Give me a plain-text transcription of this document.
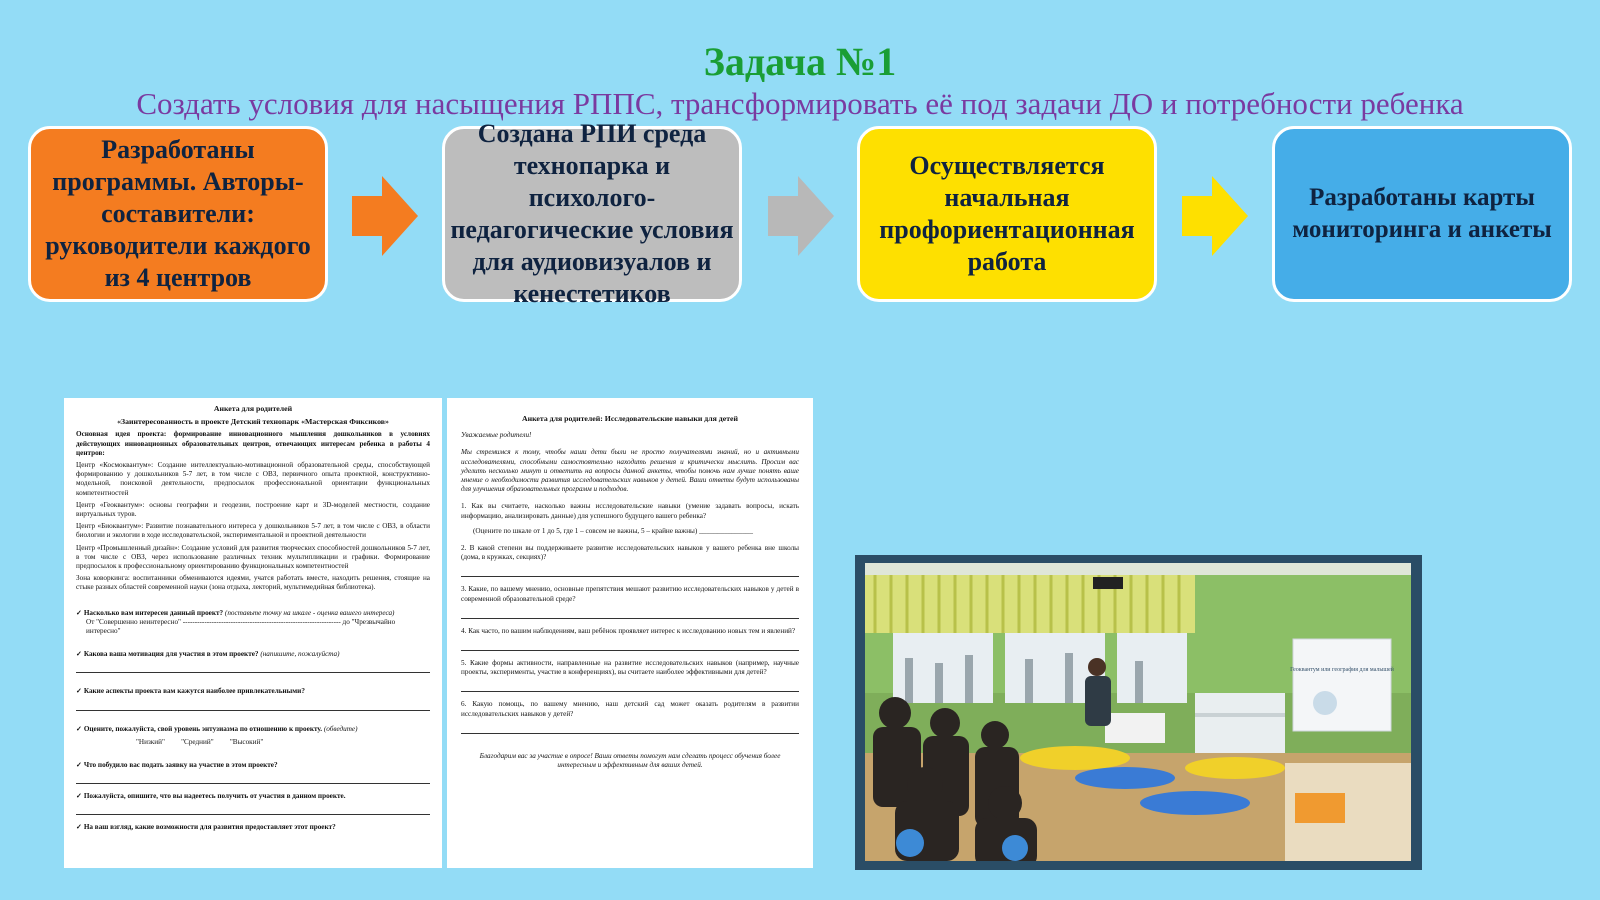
Задача №1
Создать условия для насыщения РППС, трансформировать её под задачи ДО и потребности ребенка
Разработаны программы. Авторы-составители: руководители каждого из 4 центров
Создана РПИ среда технопарка и психолого-педагогические условия для аудиовизуалов и кенестетиков
Осуществляется начальная профориентационная работа
Разработаны карты мониторинга и анкеты
Анкета для родителей
«Заинтересованность в проекте Детский технопарк «Мастерская Фиксиков»

Основная идея проекта: формирование инновационного мышления дошкольников в условиях действующих инновационных образовательных центров, отвечающих интересам ребенка в работы 4 центров:

Центр «Космоквантум»: Создание интеллектуально-мотивационной образовательной среды, способствующей формированию у дошкольников 5-7 лет, в том числе с ОВЗ, первичного опыта проектной, конструктивно-модельной, поисковой деятельности, предпосылок профессиональной ориентации функциональных компетентностей

Центр «Геоквантум»: основы географии и геодезии, построение карт и 3D-моделей местности, создание виртуальных туров.

Центр «Биоквантум»: Развитие познавательного интереса у дошкольников 5-7 лет, в том числе с ОВЗ, в области биологии и экологии в ходе исследовательской, экспериментальной и проектной деятельности

Центр «Промышленный дизайн»: Создание условий для развития творческих способностей дошкольников 5-7 лет, в том числе с ОВЗ, через использование различных техник мультипликации и графики. Формирование предпосылок к профессиональному ориентированию функциональных компетентностей

Зона коворкинга: воспитанники обмениваются идеями, учатся работать вместе, находить решения, стоящие на стыке разных областей современной науки (зона отдыха, лекторий, мультимедийная библиотека).

✓ Насколько вам интересен данный проект? (поставьте точку на шкале - оценка вашего интереса)
От "Совершенно неинтересно" ------------------------------------------------------------------ до "Чрезвычайно интересно"
✓ Какова ваша мотивация для участия в этом проекте? (напишите, пожалуйста)
✓ Какие аспекты проекта вам кажутся наиболее привлекательными?
✓ Оцените, пожалуйста, свой уровень энтузиазма по отношению к проекту. (обведите)
"Низкий" "Средний" "Высокий"
✓ Что побудило вас подать заявку на участие в этом проекте?
✓ Пожалуйста, опишите, что вы надеетесь получить от участия в данном проекте.
✓ На ваш взгляд, какие возможности для развития предоставляет этот проект?
Анкета для родителей: Исследовательские навыки для детей

Уважаемые родители!

Мы стремимся к тому, чтобы наши дети были не просто получателями знаний, но и активными исследователями, способными самостоятельно находить решения и критически мыслить. Просим вас уделить несколько минут и ответить на вопросы данной анкеты, чтобы помочь нам лучше понять ваше мнение о необходимости развития исследовательских навыков у детей. Ваши ответы будут использованы для улучшения образовательных программ и подходов.

1. Как вы считаете, насколько важны исследовательские навыки (умение задавать вопросы, искать информацию, анализировать данные) для успешного будущего вашего ребенка?

(Оцените по шкале от 1 до 5, где 1 – совсем не важны, 5 – крайне важны) _______________

2. В какой степени вы поддерживаете развитие исследовательских навыков у вашего ребенка вне школы (дома, в кружках, секциях)?

3. Какие, по вашему мнению, основные препятствия мешают развитию исследовательских навыков у детей в современной образовательной среде?

4. Как часто, по вашим наблюдениям, ваш ребёнок проявляет интерес к исследованию новых тем и явлений?

5. Какие формы активности, направленные на развитие исследовательских навыков (например, научные проекты, эксперименты, участие в конференциях), вы считаете наиболее эффективными для детей?

6. Какую помощь, по вашему мнению, наш детский сад может оказать родителям в развитии исследовательских навыков у детей?

Благодарим вас за участие в опросе! Ваши ответы помогут нам сделать процесс обучения более интересным и эффективным для ваших детей.

Геоквантум или география для малышей
